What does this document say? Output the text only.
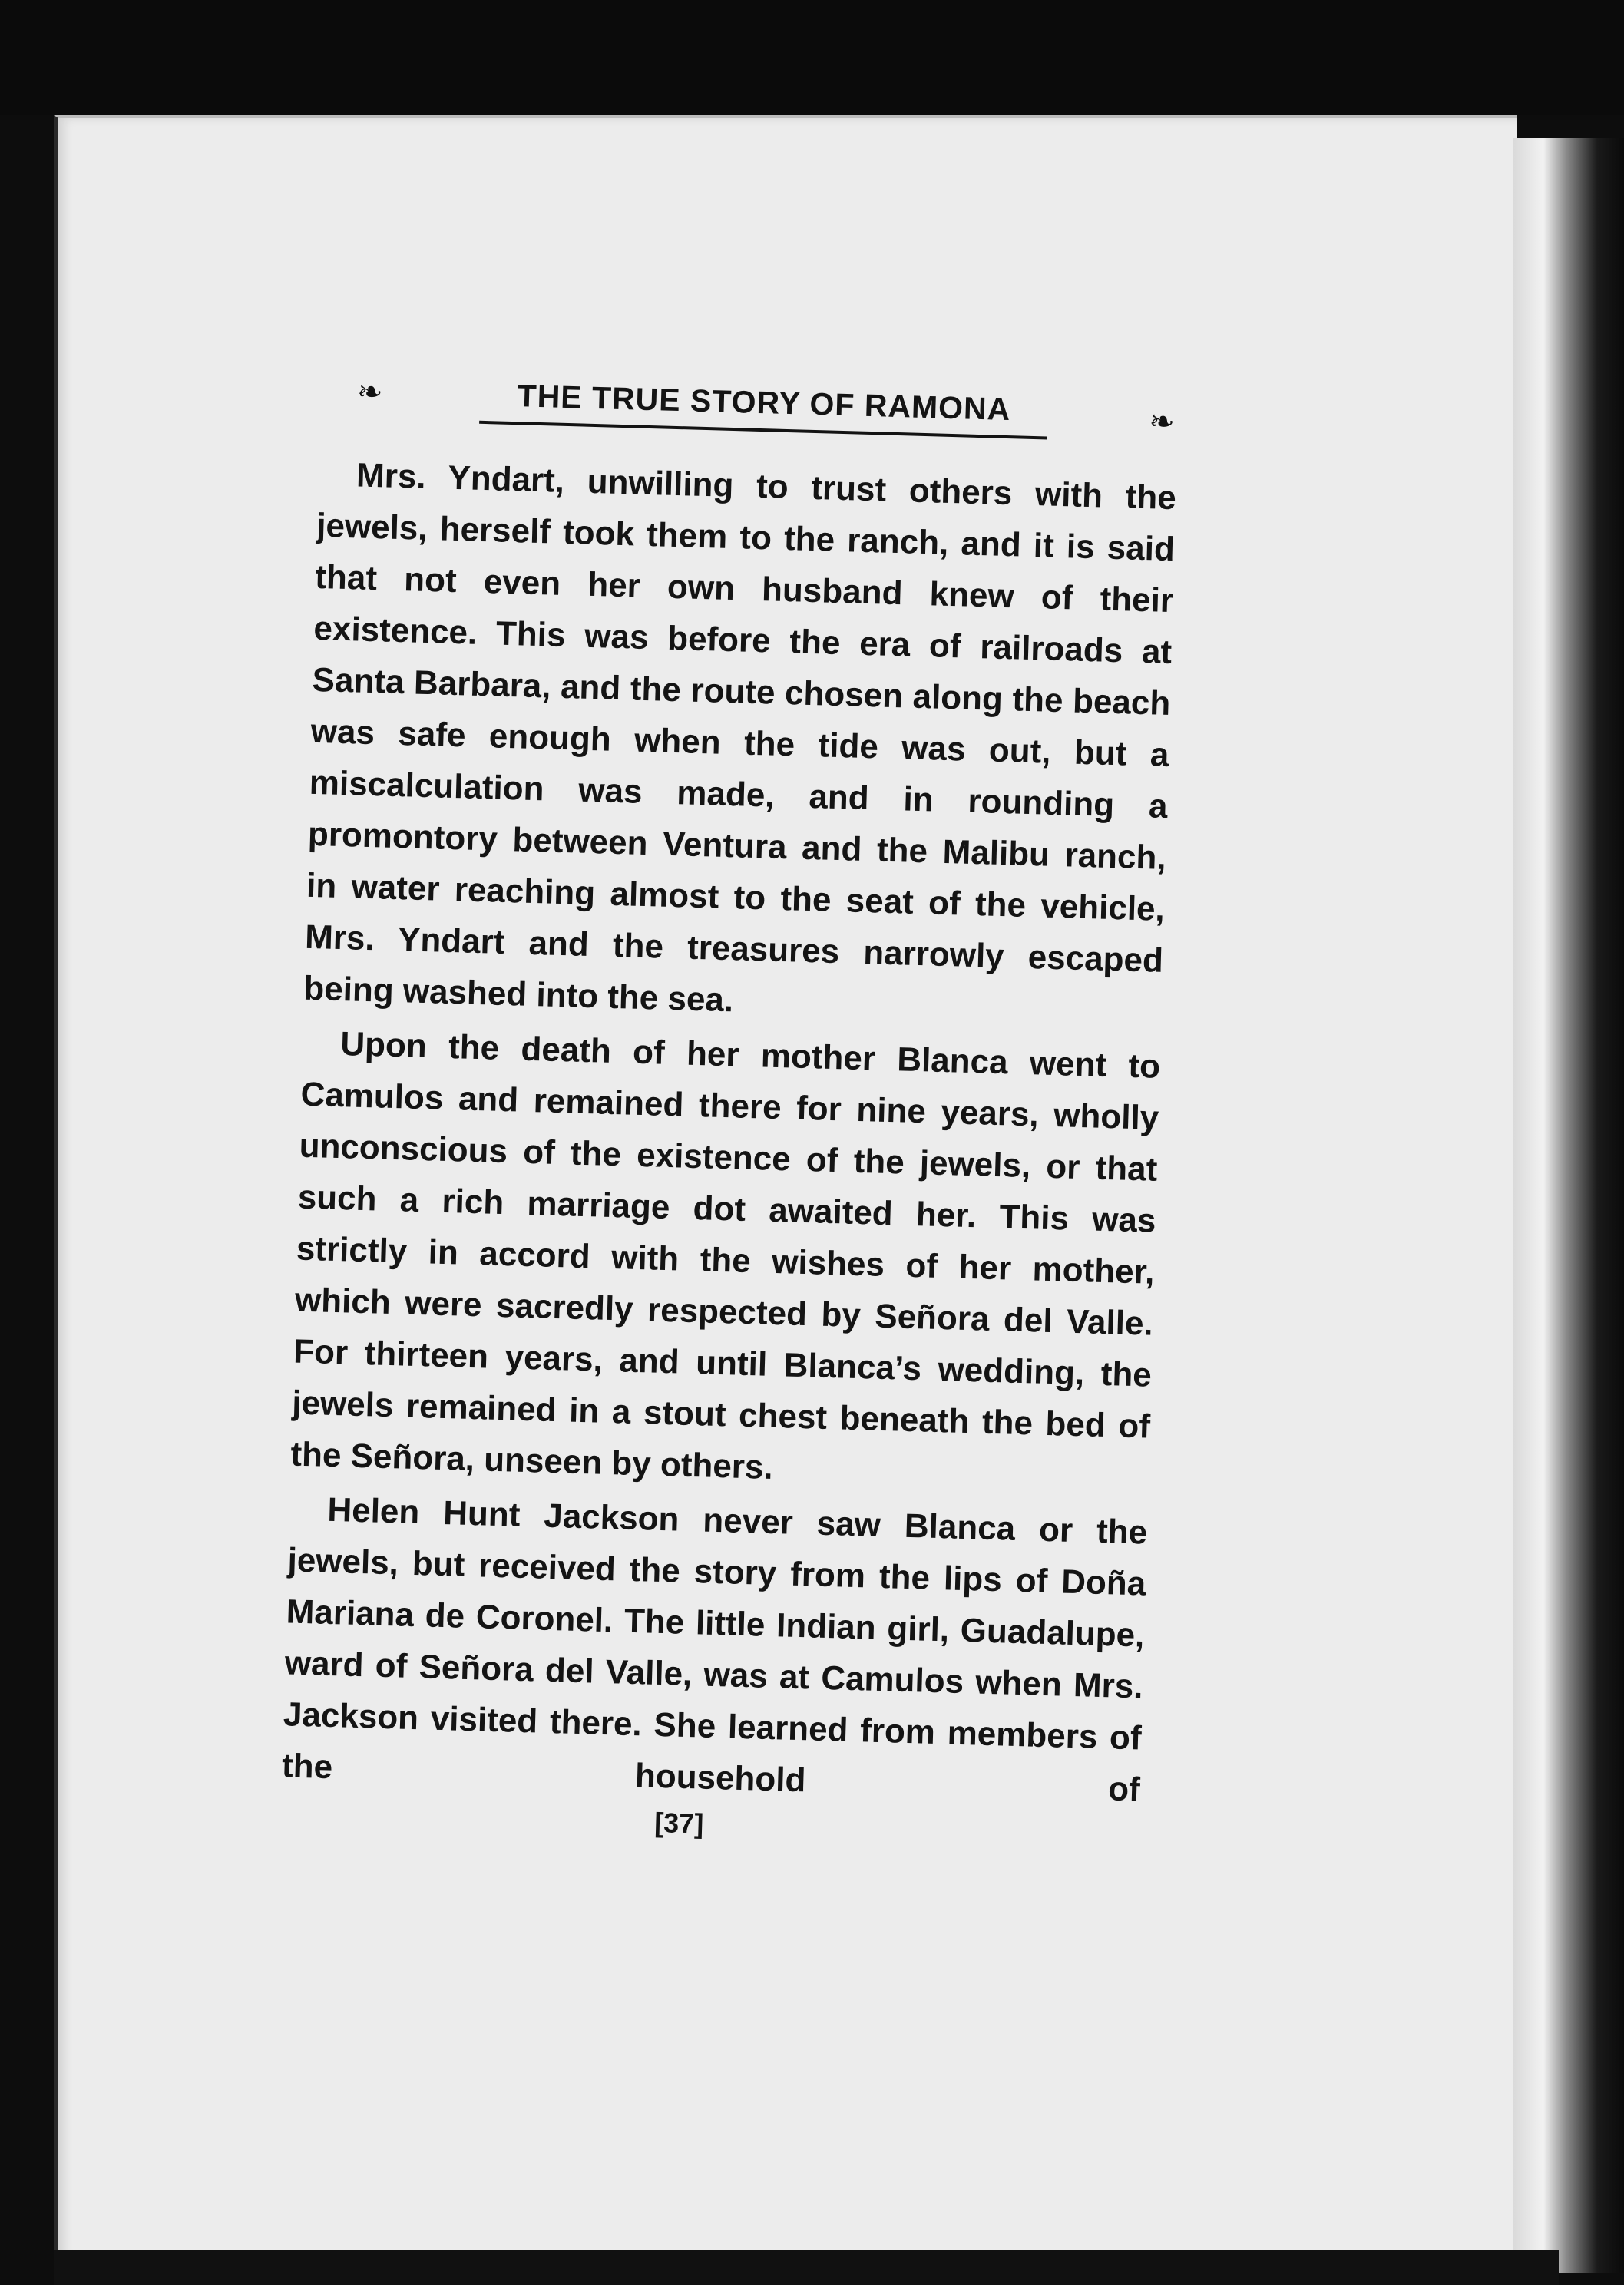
❧	THE TRUE STORY OF RAMONA	❧

Mrs. Yndart, unwilling to trust others with the jewels, herself took them to the ranch, and it is said that not even her own husband knew of their existence. This was before the era of railroads at Santa Barbara, and the route chosen along the beach was safe enough when the tide was out, but a miscalculation was made, and in rounding a promontory between Ventura and the Malibu ranch, in water reaching almost to the seat of the vehicle, Mrs. Yndart and the treasures narrowly escaped being washed into the sea.

Upon the death of her mother Blanca went to Camulos and remained there for nine years, wholly unconscious of the existence of the jewels, or that such a rich marriage dot awaited her. This was strictly in accord with the wishes of her mother, which were sacredly respected by Señora del Valle. For thirteen years, and until Blanca’s wedding, the jewels remained in a stout chest beneath the bed of the Señora, unseen by others.

Helen Hunt Jackson never saw Blanca or the jewels, but received the story from the lips of Doña Mariana de Coronel. The little Indian girl, Guadalupe, ward of Señora del Valle, was at Camulos when Mrs. Jackson visited there. She learned from members of the household of

[37]
